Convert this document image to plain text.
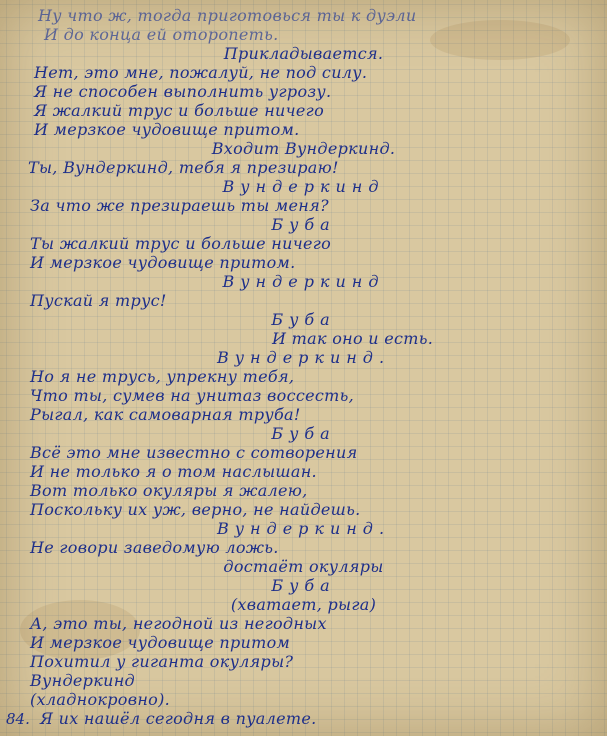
Ну что ж, тогда приготовься ты к дуэли

И до конца ей оторопеть.

Прикладывается.

Нет, это мне, пожалуй, не под силу.

Я не способен выполнить угрозу.

Я жалкий трус и больше ничего

И мерзкое чудовище притом.

Входит Вундеркинд.

Ты, Вундеркинд, тебя я презираю!

Вундеркинд

За что же презираешь ты меня?

Буба

Ты жалкий трус и больше ничего

И мерзкое чудовище притом.

Вундеркинд

Пускай я трус!

Буба

И так оно и есть.

Вундеркинд.

Но я не трусь, упрекну тебя,

Что ты, сумев на унитаз воссесть,

Рыгал, как самоварная труба!

Буба

Всё это мне известно с сотворения

И не только я о том наслышан.

Вот только окуляры я жалею,

Поскольку их уж, верно, не найдешь.

Вундеркинд.

Не говори заведомую ложь.

достаёт окуляры

Буба

(хватает, рыга)

А, это ты, негодной из негодных

И мерзкое чудовище притом

Похитил у гиганта окуляры?

Вундеркинд

(хладнокровно).

Я их нашёл сегодня в пуалете.

84.
